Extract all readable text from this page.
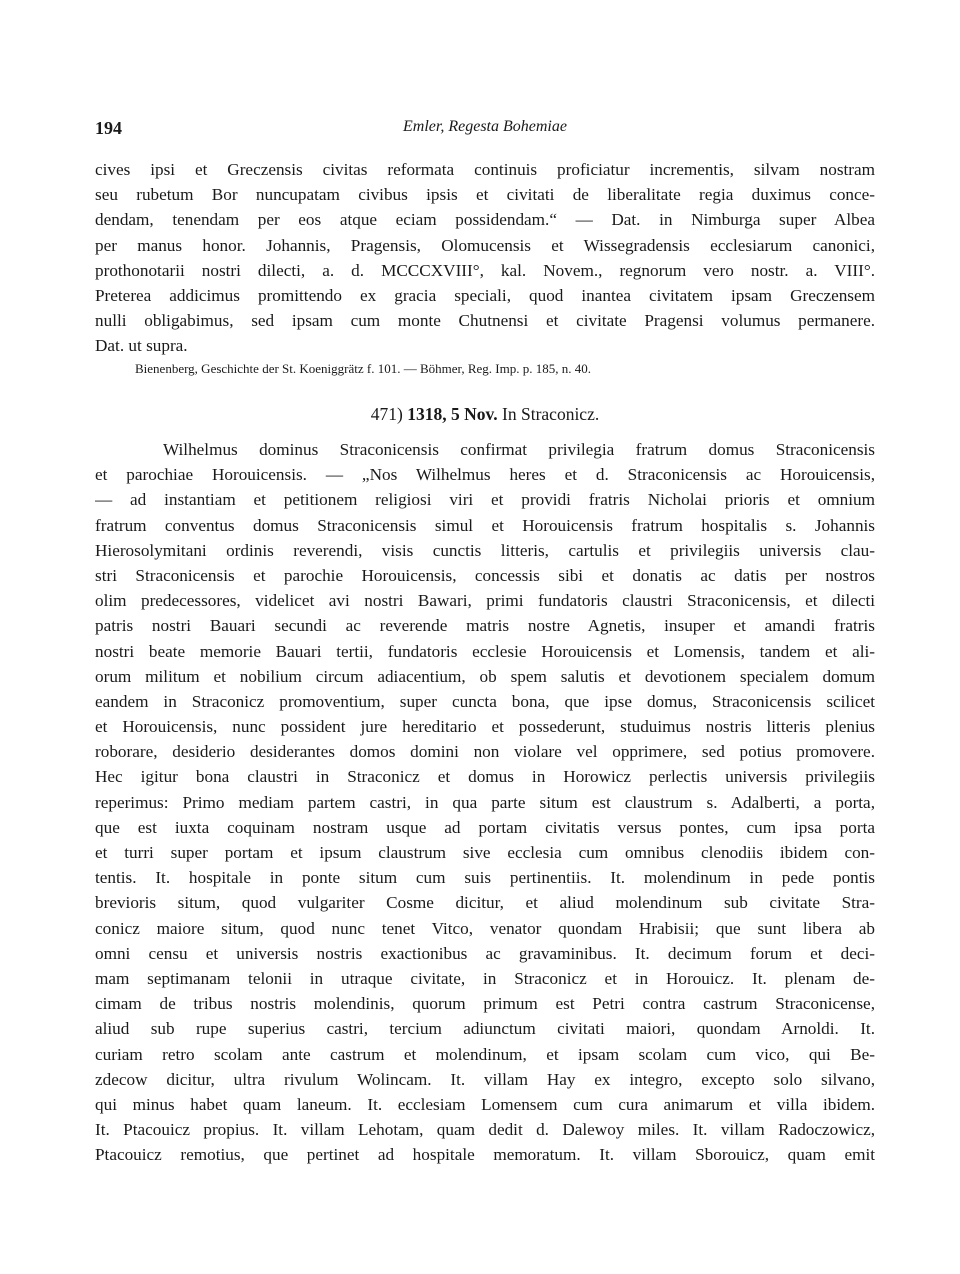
194	Emler, Regesta Bohemiae
cives ipsi et Greczensis civitas reformata continuis proficiatur incrementis, silvam nostram
seu rubetum Bor nuncupatam civibus ipsis et civitati de liberalitate regia duximus conce-
dendam, tenendam per eos atque eciam possidendam.“ — Dat. in Nimburga super Albea
per manus honor. Johannis, Pragensis, Olomucensis et Wissegradensis ecclesiarum canonici,
prothonotarii nostri dilecti, a. d. MCCCXVIII°, kal. Novem., regnorum vero nostr. a. VIII°.
Preterea addicimus promittendo ex gracia speciali, quod inantea civitatem ipsam Greczensem
nulli obligabimus, sed ipsam cum monte Chutnensi et civitate Pragensi volumus permanere.
Dat. ut supra.
Bienenberg, Geschichte der St. Koeniggrätz f. 101. — Böhmer, Reg. Imp. p. 185, n. 40.
471) 1318, 5 Nov. In Straconicz.
Wilhelmus dominus Straconicensis confirmat privilegia fratrum domus Straconicensis
et parochiae Horouicensis. — „Nos Wilhelmus heres et d. Straconicensis ac Horouicensis,
— ad instantiam et petitionem religiosi viri et providi fratris Nicholai prioris et omnium
fratrum conventus domus Straconicensis simul et Horouicensis fratrum hospitalis s. Johannis
Hierosolymitani ordinis reverendi, visis cunctis litteris, cartulis et privilegiis universis clau-
stri Straconicensis et parochie Horouicensis, concessis sibi et donatis ac datis per nostros
olim predecessores, videlicet avi nostri Bawari, primi fundatoris claustri Straconicensis, et dilecti
patris nostri Bauari secundi ac reverende matris nostre Agnetis, insuper et amandi fratris
nostri beate memorie Bauari tertii, fundatoris ecclesie Horouicensis et Lomensis, tandem et ali-
orum militum et nobilium circum adiacentium, ob spem salutis et devotionem specialem domum
eandem in Straconicz promoventium, super cuncta bona, que ipse domus, Straconicensis scilicet
et Horouicensis, nunc possident jure hereditario et possederunt, studuimus nostris litteris plenius
roborare, desiderio desiderantes domos domini non violare vel opprimere, sed potius promovere.
Hec igitur bona claustri in Straconicz et domus in Horowicz perlectis universis privilegiis
reperimus: Primo mediam partem castri, in qua parte situm est claustrum s. Adalberti, a porta,
que est iuxta coquinam nostram usque ad portam civitatis versus pontes, cum ipsa porta
et turri super portam et ipsum claustrum sive ecclesia cum omnibus clenodiis ibidem con-
tentis. It. hospitale in ponte situm cum suis pertinentiis. It. molendinum in pede pontis
brevioris situm, quod vulgariter Cosme dicitur, et aliud molendinum sub civitate Stra-
conicz maiore situm, quod nunc tenet Vitco, venator quondam Hrabisii; que sunt libera ab
omni censu et universis nostris exactionibus ac gravaminibus. It. decimum forum et deci-
mam septimanam telonii in utraque civitate, in Straconicz et in Horouicz. It. plenam de-
cimam de tribus nostris molendinis, quorum primum est Petri contra castrum Straconicense,
aliud sub rupe superius castri, tercium adiunctum civitati maiori, quondam Arnoldi. It.
curiam retro scolam ante castrum et molendinum, et ipsam scolam cum vico, qui Be-
zdecow dicitur, ultra rivulum Wolincam. It. villam Hay ex integro, excepto solo silvano,
qui minus habet quam laneum. It. ecclesiam Lomensem cum cura animarum et villa ibidem.
It. Ptacouicz propius. It. villam Lehotam, quam dedit d. Dalewoy miles. It. villam Radoczowicz,
Ptacouicz remotius, que pertinet ad hospitale memoratum. It. villam Sborouicz, quam emit
